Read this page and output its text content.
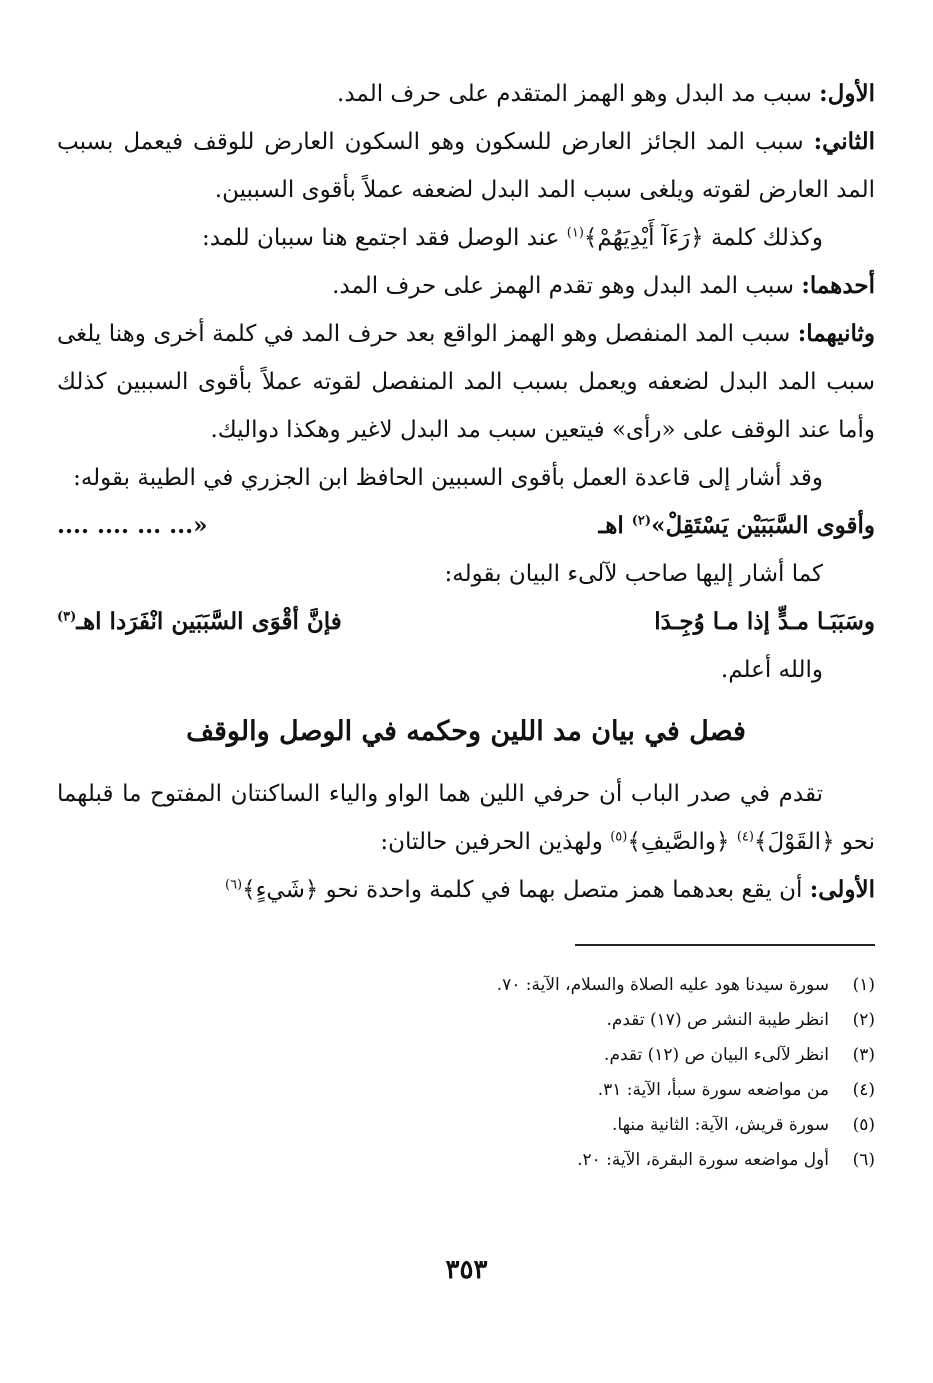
الأول: سبب مد البدل وهو الهمز المتقدم على حرف المد.

الثاني: سبب المد الجائز العارض للسكون وهو السكون العارض للوقف فيعمل بسبب المد العارض لقوته ويلغى سبب المد البدل لضعفه عملاً بأقوى السببين.

وكذلك كلمة ﴿رَءَآ أَيْدِيَهُمْ﴾$^{(١)}$ عند الوصل فقد اجتمع هنا سببان للمد:

أحدهما: سبب المد البدل وهو تقدم الهمز على حرف المد.

وثانيهما: سبب المد المنفصل وهو الهمز الواقع بعد حرف المد في كلمة أخرى وهنا يلغى سبب المد البدل لضعفه ويعمل بسبب المد المنفصل لقوته عملاً بأقوى السببين كذلك وأما عند الوقف على «رأى» فيتعين سبب مد البدل لاغير وهكذا دواليك.

وقد أشار إلى قاعدة العمل بأقوى السببين الحافظ ابن الجزري في الطيبة بقوله:

وأقوى السَّبَبَيْن يَسْتَقِلْ»$^{(٢)}$ اهـ
«... ... .... ....

كما أشار إليها صاحب لآلىء البيان بقوله:

وسَبَبَـا مـدٍّ إذا مـا وُجِـدَا
فإنَّ أقْوَى السَّبَبَين انْفَرَدا اهـ$^{(٣)}$

والله أعلم.

فصل في بيان مد اللين وحكمه في الوصل والوقف

تقدم في صدر الباب أن حرفي اللين هما الواو والياء الساكنتان المفتوح ما قبلهما نحو ﴿القَوْلَ﴾$^{(٤)}$ ﴿والصَّيفِ﴾$^{(٥)}$ ولهذين الحرفين حالتان:

الأولى: أن يقع بعدهما همز متصل بهما في كلمة واحدة نحو ﴿شَيءٍ﴾$^{(٦)}$

(١)
سورة سيدنا هود عليه الصلاة والسلام، الآية: ٧٠.
(٢)
انظر طيبة النشر ص (١٧) تقدم.
(٣)
انظر لآلىء البيان ص (١٢) تقدم.
(٤)
من مواضعه سورة سبأ، الآية: ٣١.
(٥)
سورة قريش، الآية: الثانية منها.
(٦)
أول مواضعه سورة البقرة، الآية: ٢٠.
٣٥٣
